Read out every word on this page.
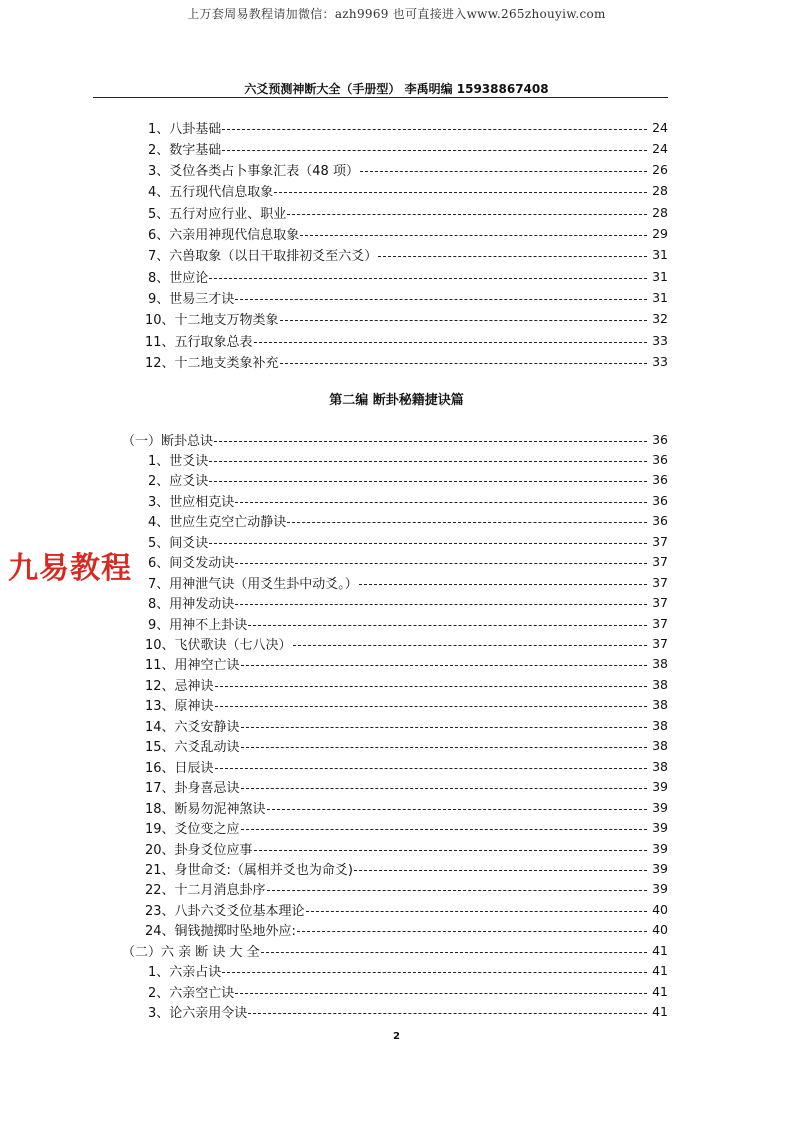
上万套周易教程请加微信：azh9969 也可直接进入www.265zhouyiw.com
六爻预测神断大全（手册型） 李禹明编 15938867408
1、八卦基础	24
2、数字基础	24
3、爻位各类占卜事象汇表（48 项）	26
4、五行现代信息取象	28
5、五行对应行业、职业	28
6、六亲用神现代信息取象	29
7、六兽取象（以日干取排初爻至六爻）	31
8、世应论	31
9、世易三才诀	31
10、十二地支万物类象	32
11、五行取象总表	33
12、十二地支类象补充	33
第二编 断卦秘籍捷诀篇
（一）断卦总诀	36
1、世爻诀	36
2、应爻诀	36
3、世应相克诀	36
4、世应生克空亡动静诀	36
5、间爻诀	37
6、间爻发动诀	37
7、用神泄气诀（用爻生卦中动爻。）	37
8、用神发动诀	37
9、用神不上卦诀	37
10、飞伏歌诀（七八决）	37
11、用神空亡诀	38
12、忌神诀	38
13、原神诀	38
14、六爻安静诀	38
15、六爻乱动诀	38
16、日辰诀	38
17、卦身喜忌诀	39
18、断易勿泥神煞诀	39
19、爻位变之应	39
20、卦身爻位应事	39
21、身世命爻:（属相并爻也为命爻)	39
22、十二月消息卦序	39
23、八卦六爻爻位基本理论	40
24、铜钱抛掷时坠地外应:	40
（二）六 亲 断 诀 大 全	41
1、六亲占诀	41
2、六亲空亡诀	41
3、论六亲用令诀	41
九易教程
2
